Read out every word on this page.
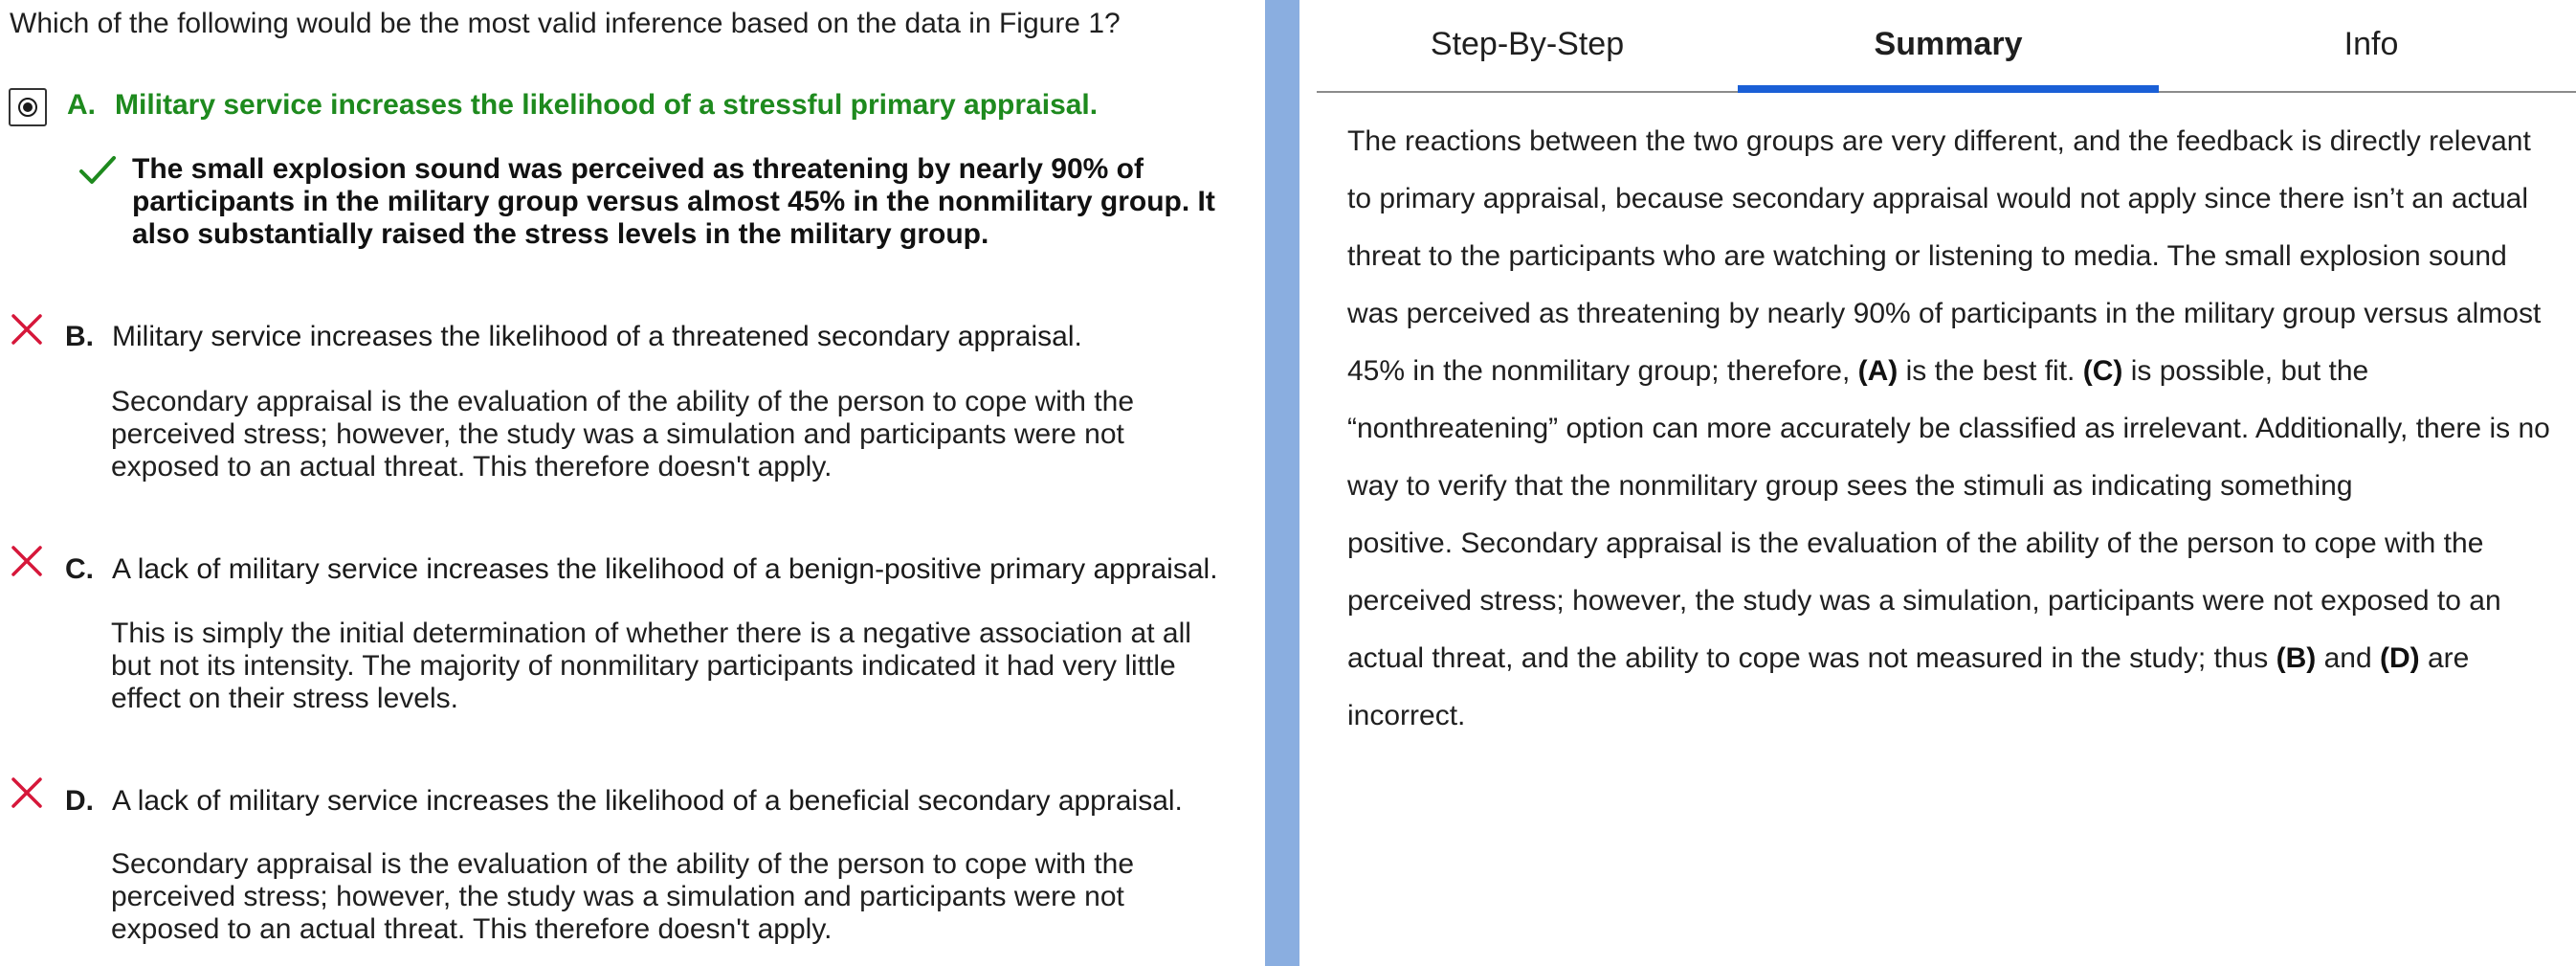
Which of the following would be the most valid inference based on the data in Figure 1?
A. Military service increases the likelihood of a stressful primary appraisal.
The small explosion sound was perceived as threatening by nearly 90% of
participants in the military group versus almost 45% in the nonmilitary group. It
also substantially raised the stress levels in the military group.
B. Military service increases the likelihood of a threatened secondary appraisal.
Secondary appraisal is the evaluation of the ability of the person to cope with the
perceived stress; however, the study was a simulation and participants were not
exposed to an actual threat. This therefore doesn't apply.
C. A lack of military service increases the likelihood of a benign-positive primary appraisal.
This is simply the initial determination of whether there is a negative association at all
but not its intensity. The majority of nonmilitary participants indicated it had very little
effect on their stress levels.
D. A lack of military service increases the likelihood of a beneficial secondary appraisal.
Secondary appraisal is the evaluation of the ability of the person to cope with the
perceived stress; however, the study was a simulation and participants were not
exposed to an actual threat. This therefore doesn't apply.
Step-By-Step	Summary	Info
The reactions between the two groups are very different, and the feedback is directly relevant
to primary appraisal, because secondary appraisal would not apply since there isn’t an actual
threat to the participants who are watching or listening to media. The small explosion sound
was perceived as threatening by nearly 90% of participants in the military group versus almost
45% in the nonmilitary group; therefore, (A) is the best fit. (C) is possible, but the
“nonthreatening” option can more accurately be classified as irrelevant. Additionally, there is no
way to verify that the nonmilitary group sees the stimuli as indicating something
positive. Secondary appraisal is the evaluation of the ability of the person to cope with the
perceived stress; however, the study was a simulation, participants were not exposed to an
actual threat, and the ability to cope was not measured in the study; thus (B) and (D) are
incorrect.
